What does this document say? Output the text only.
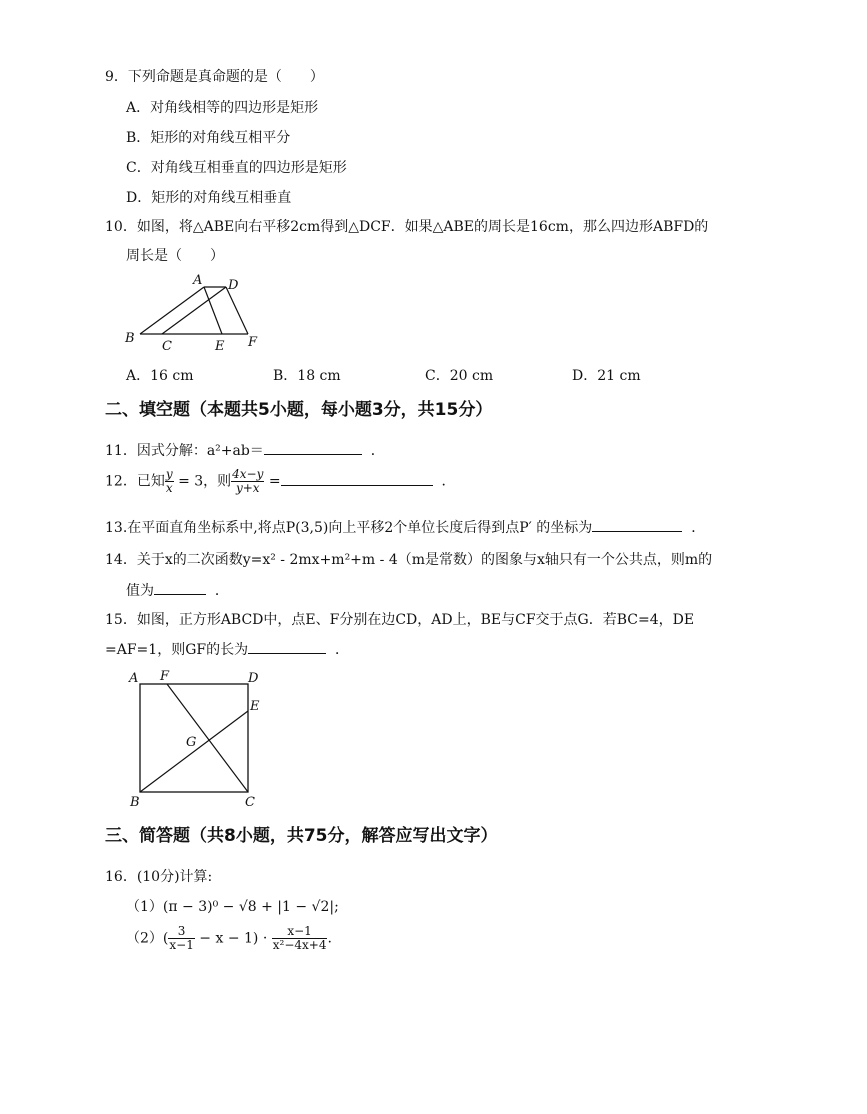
9．下列命题是真命题的是（　　）
A．对角线相等的四边形是矩形
B．矩形的对角线互相平分
C．对角线互相垂直的四边形是矩形
D．矩形的对角线互相垂直
10．如图，将△ABE向右平移2cm得到△DCF．如果△ABE的周长是16cm，那么四边形ABFD的
周长是（　　）
A D
B
C	E F
A．16 cm	B．18 cm	C．20 cm	D．21 cm
二、填空题（本题共5小题，每小题3分，共15分）
11．因式分解：a²+ab＝	．
12．已知 $\frac{y}{x} = 3$，则 $\frac{4x-y}{y+x}$ =	．
13.在平面直角坐标系中,将点P(3,5)向上平移2个单位长度后得到点P′ 的坐标为	．
14．关于x的二次函数y=x² - 2mx+m²+m - 4（m是常数）的图象与x轴只有一个公共点，则m的
值为	．
15．如图，正方形ABCD中，点E、F分别在边CD，AD上，BE与CF交于点G．若BC=4，DE
=AF=1，则GF的长为	．
A F	D
E
G
B	C
三、简答题（共8小题，共75分，解答应写出文字）
16．(10分)计算:
（1）(π − 3)⁰ − √8 + |1 − √2|;
$(2)( \frac{3}{x-1} - x - 1) \cdot \frac{x-1}{\text{x²−4x+4}}$ .
